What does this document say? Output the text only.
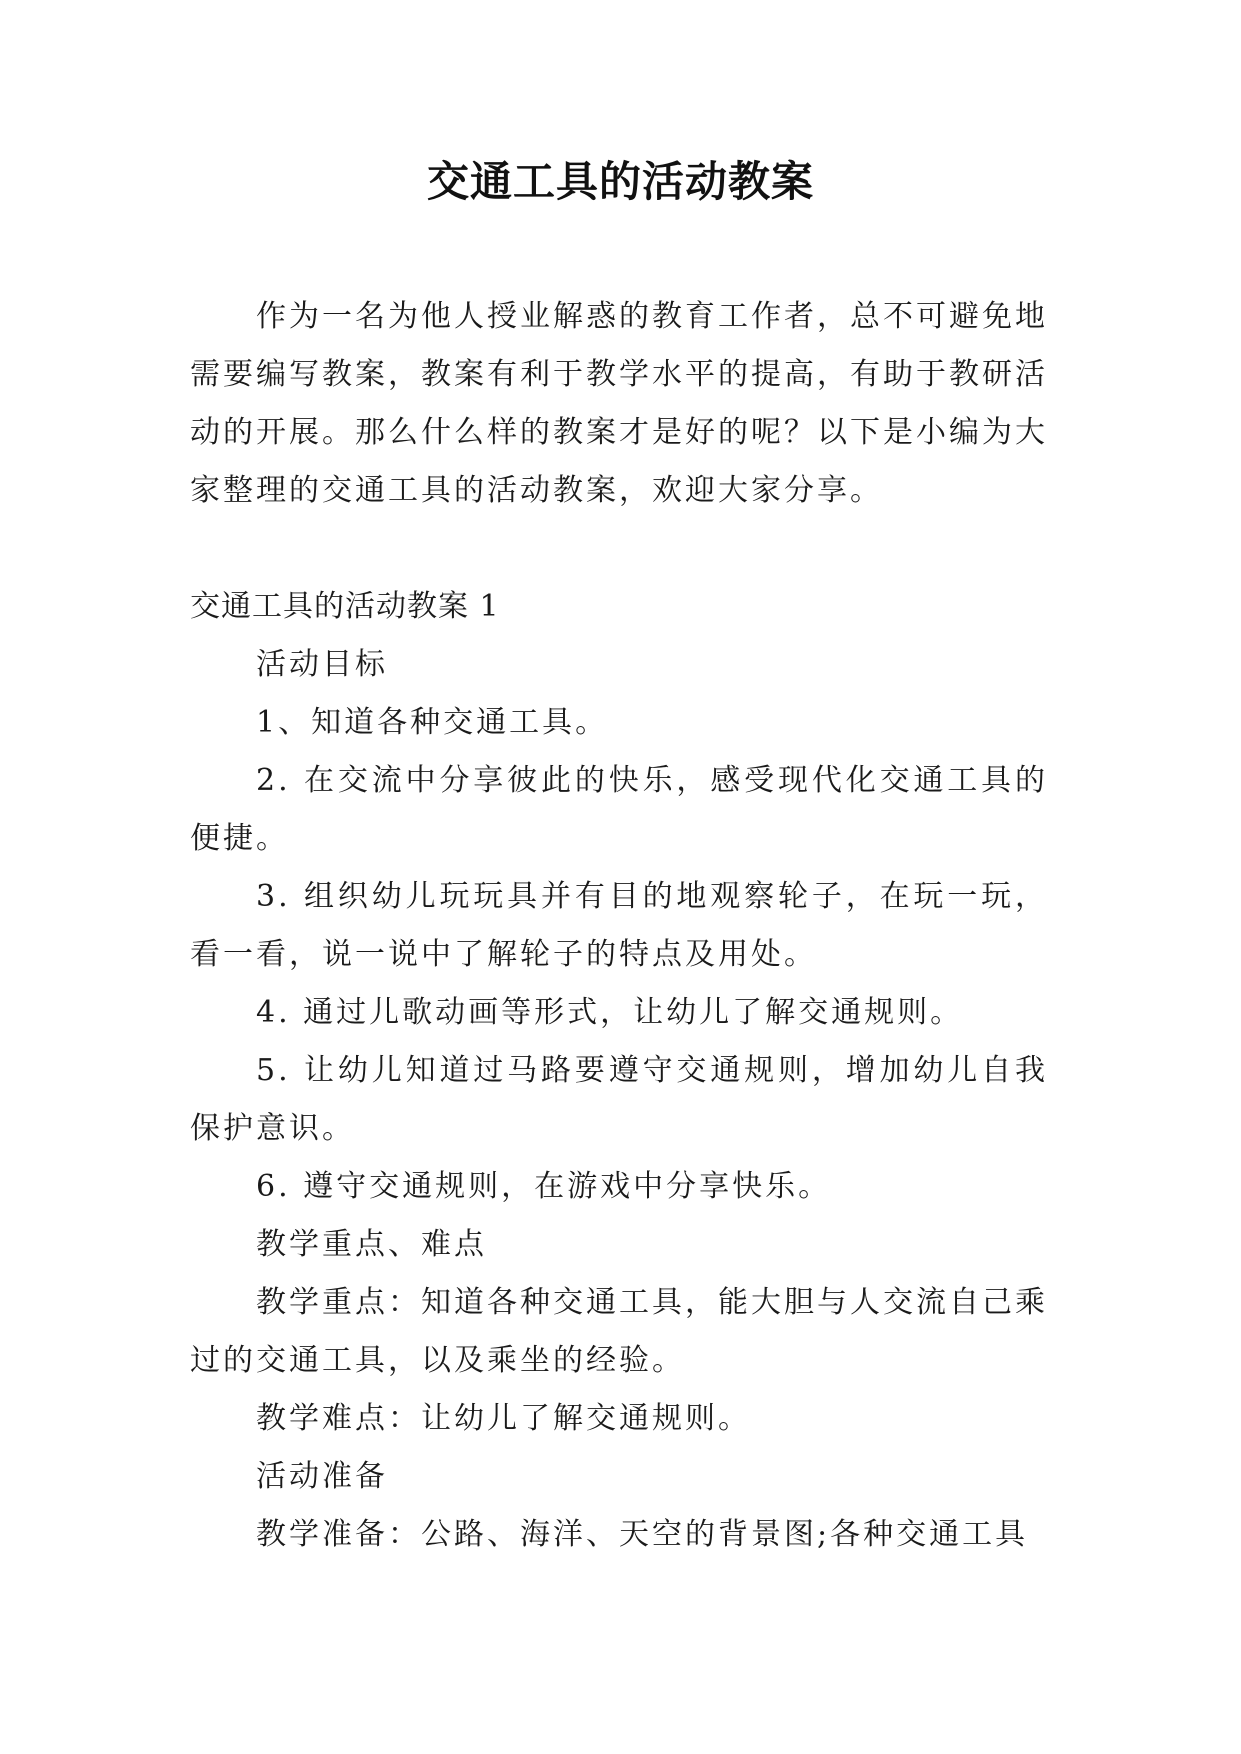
交通工具的活动教案

作为一名为他人授业解惑的教育工作者，总不可避免地需要编写教案，教案有利于教学水平的提高，有助于教研活动的开展。那么什么样的教案才是好的呢？以下是小编为大家整理的交通工具的活动教案，欢迎大家分享。

交通工具的活动教案 1

活动目标

1、知道各种交通工具。

2. 在交流中分享彼此的快乐，感受现代化交通工具的便捷。

3. 组织幼儿玩玩具并有目的地观察轮子，在玩一玩，看一看，说一说中了解轮子的特点及用处。

4. 通过儿歌动画等形式，让幼儿了解交通规则。

5. 让幼儿知道过马路要遵守交通规则，增加幼儿自我保护意识。

6. 遵守交通规则，在游戏中分享快乐。

教学重点、难点

教学重点：知道各种交通工具，能大胆与人交流自己乘过的交通工具，以及乘坐的经验。

教学难点：让幼儿了解交通规则。

活动准备

教学准备：公路、海洋、天空的背景图;各种交通工具
